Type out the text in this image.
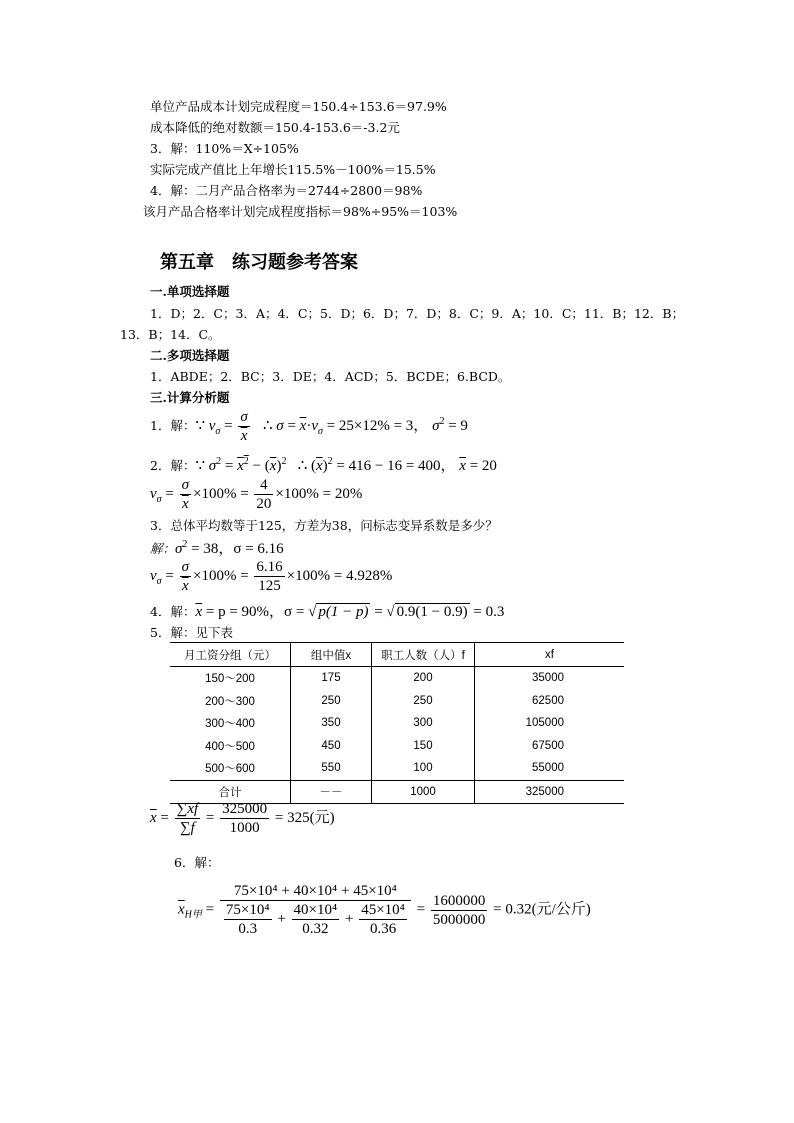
单位产品成本计划完成程度＝150.4÷153.6＝97.9%
成本降低的绝对数额＝150.4-153.6＝-3.2元
3．解：110%＝X÷105%
实际完成产值比上年增长115.5%－100%＝15.5%
4．解：二月产品合格率为＝2744÷2800＝98%
该月产品合格率计划完成程度指标＝98%÷95%＝103%
第五章　练习题参考答案
一.单项选择题
1．D；2．C；3．A；4．C；5．D；6．D；7．D；8．C；9．A；10．C；11．B；12．B；
13．B；14．C。
二.多项选择题
1．ABDE；2．BC；3．DE；4．ACD；5．BCDE；6.BCD。
三.计算分析题
1．解：∵ $v_\sigma = \frac{\sigma}{x}$ ∴ $\sigma = \overline{x}\cdot v_\sigma = 25\times 12\% = 3$， $\sigma^2 = 9$
2．解：∵ $\sigma^2 = x^2 - (\overline{x})^2$   ∴ $(\overline{x})^2 = 416 - 16 = 400$， $\overline{x} = 20$
$v_\sigma = \frac{\sigma}{x} \times 100\% = \frac{4}{20} \times 100\% = 20\%$
3．总体平均数等于125，方差为38，问标志变异系数是多少？
解：$\sigma^2 = 38$，σ = 6.16
$v_\sigma = \frac{\sigma}{x} \times 100\% = \frac{6.16}{125} \times 100\% = 4.928\%$
4．解：$\overline{x} = p = 90\%$，σ = √ p(1 − p) = √ 0.9(1 − 0.9) = 0.3
5．解：见下表
月工资分组（元）	组中值x	职工人数（人）f	xf
150～200	175	200	35000
200～300	250	250	62500
300～400	350	300	105000
400～500	450	150	67500
500～600	550	100	55000
合计	－－	1000	325000
$\overline{x} = \frac{\sum xf}{\sum f} = \frac{325000}{1000} = 325$(元)
6．解：
$\overline{x}_{H甲} = \frac{\text{75×10⁴ + 40×10⁴ + 45×10⁴}}{\frac{\text{75×10⁴}}{0.3} + \frac{\text{40×10⁴}}{0.32} + \frac{\text{45×10⁴}}{0.36}} = \frac{1600000}{5000000} = 0.32$(元/公斤)
